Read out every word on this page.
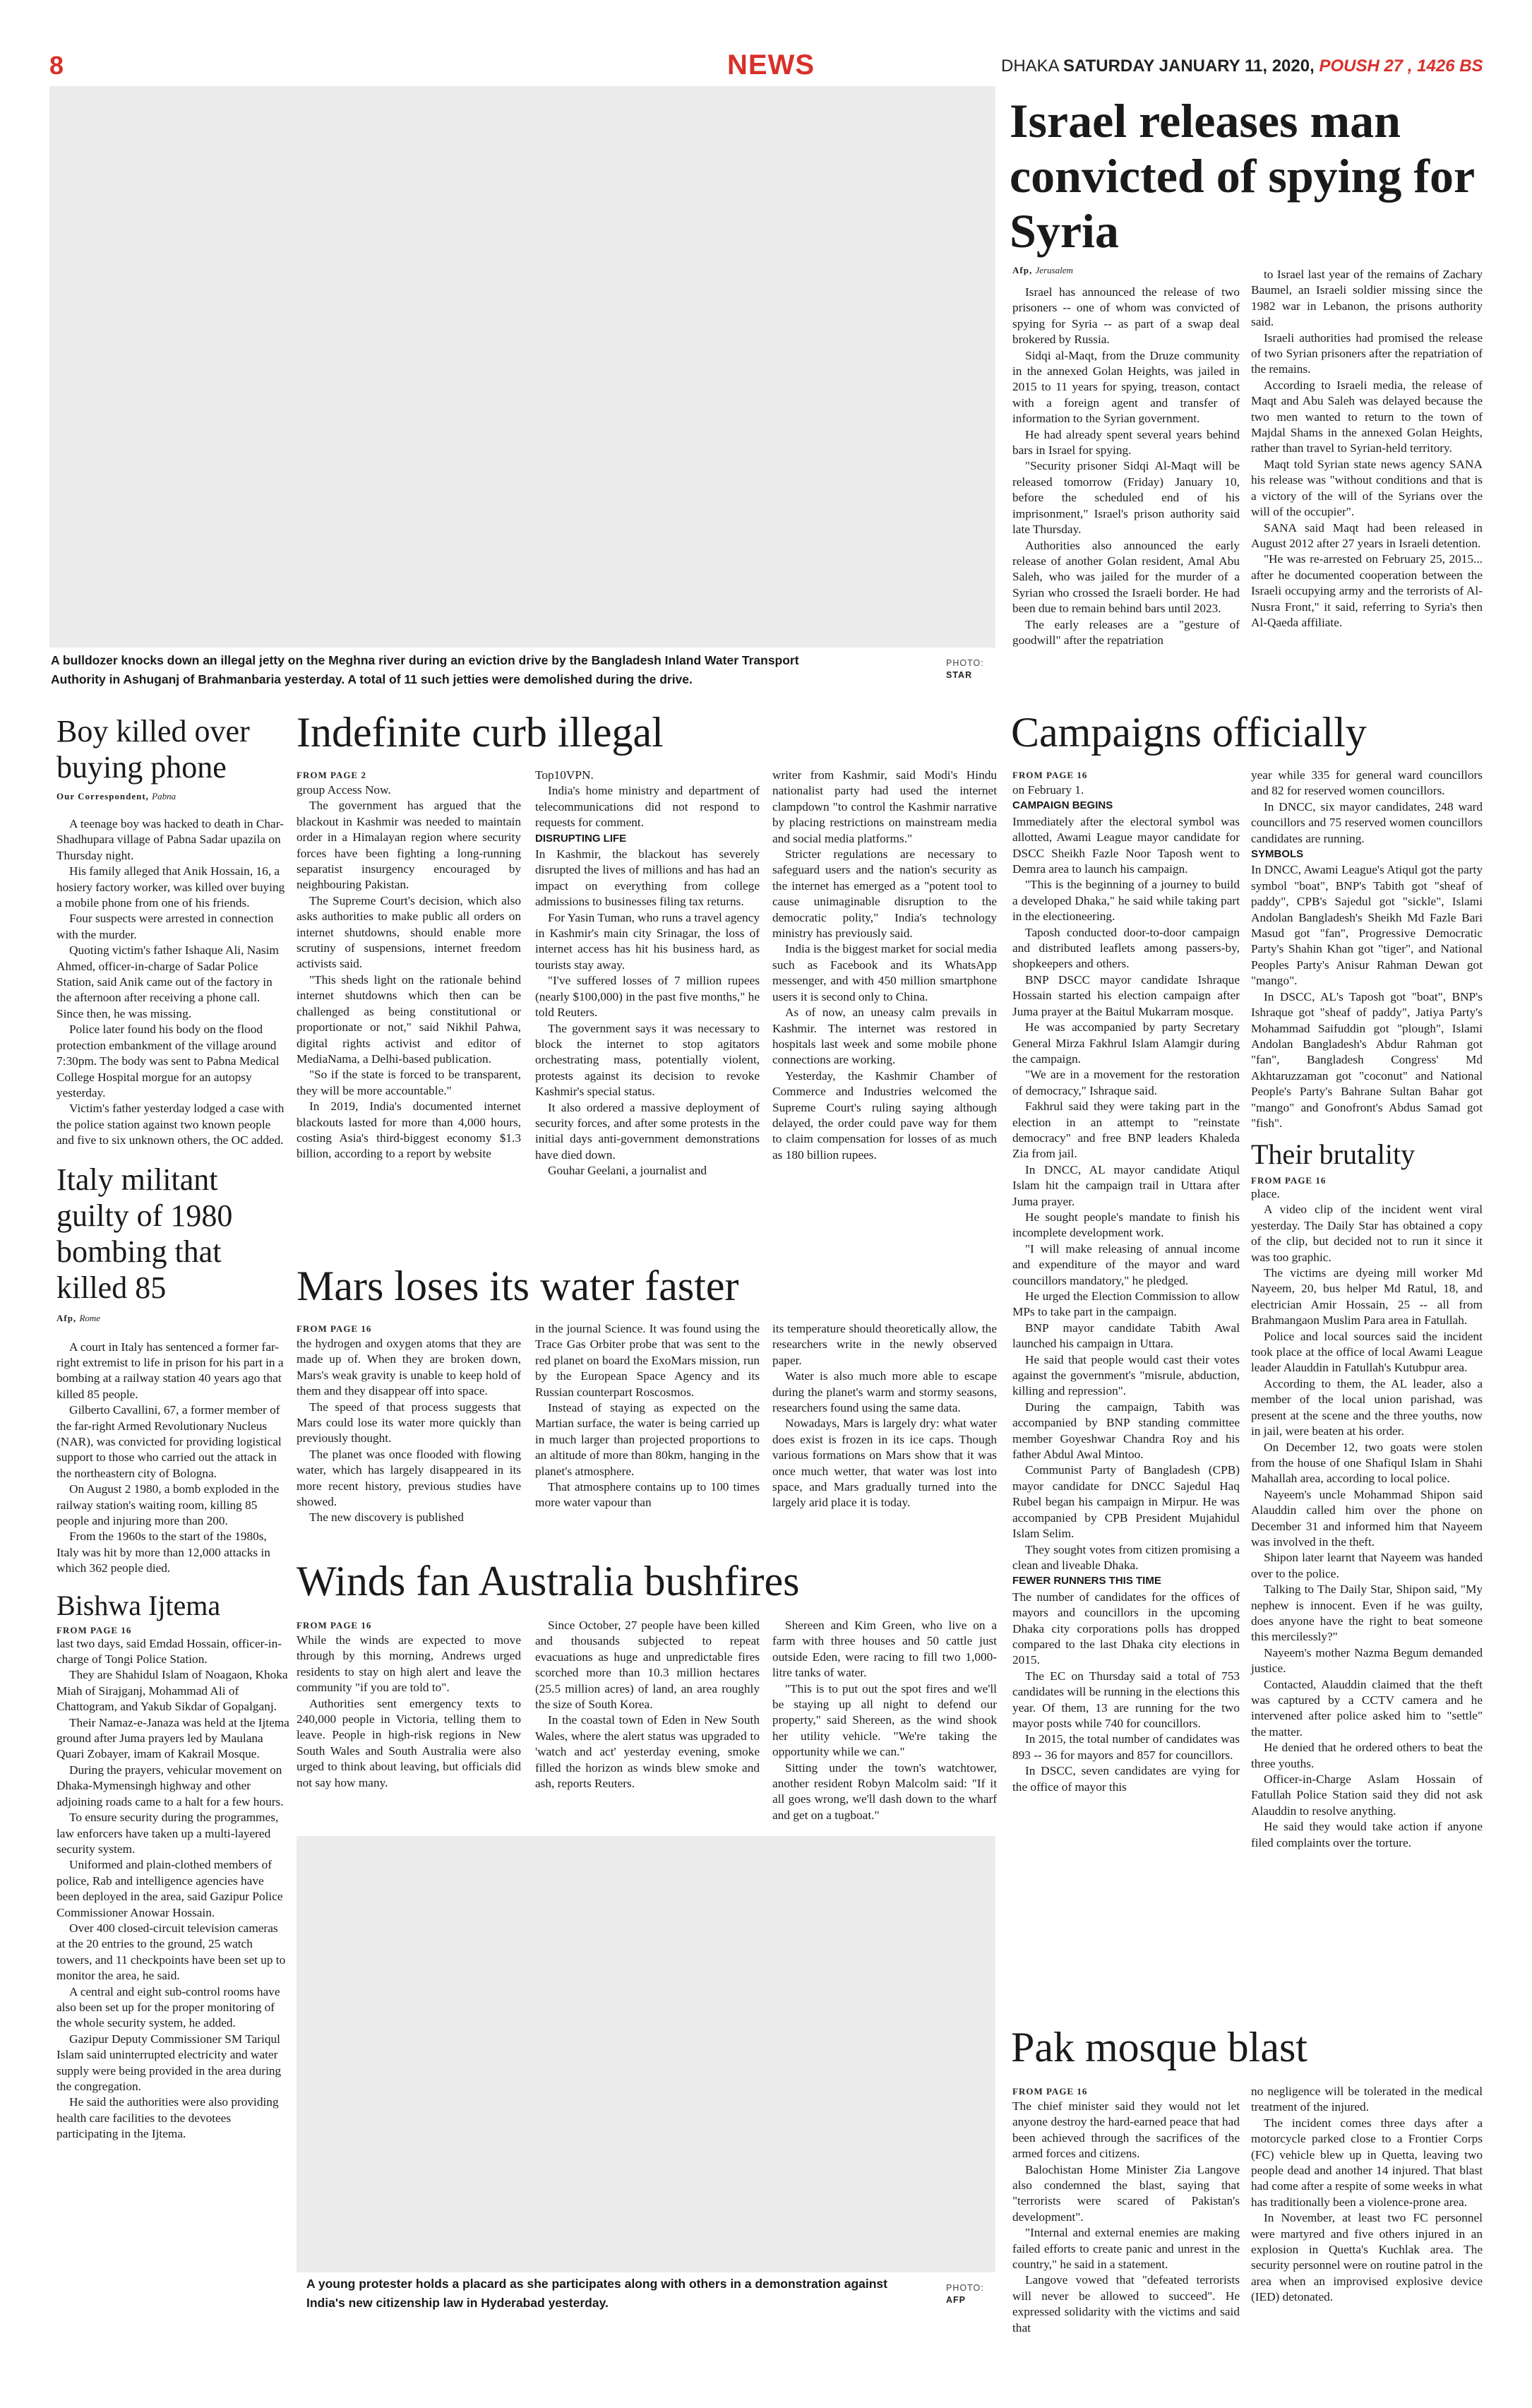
8	NEWS	DHAKA SATURDAY JANUARY 11, 2020, POUSH 27 , 1426 BS
A bulldozer knocks down an illegal jetty on the Meghna river during an eviction drive by the Bangladesh Inland Water Transport Authority in Ashuganj of Brahmanbaria yesterday. A total of 11 such jetties were demolished during the drive.
PHOTO:
STAR
Israel releases man convicted of spying for Syria
Afp, Jerusalem

Israel has announced the release of two prisoners -- one of whom was convicted of spying for Syria -- as part of a swap deal brokered by Russia.

Sidqi al-Maqt, from the Druze community in the annexed Golan Heights, was jailed in 2015 to 11 years for spying, treason, contact with a foreign agent and transfer of information to the Syrian government.

He had already spent several years behind bars in Israel for spying.

"Security prisoner Sidqi Al-Maqt will be released tomorrow (Friday) January 10, before the scheduled end of his imprisonment," Israel's prison authority said late Thursday.

Authorities also announced the early release of another Golan resident, Amal Abu Saleh, who was jailed for the murder of a Syrian who crossed the Israeli border. He had been due to remain behind bars until 2023.

The early releases are a "gesture of goodwill" after the repatriation

to Israel last year of the remains of Zachary Baumel, an Israeli soldier missing since the 1982 war in Lebanon, the prisons authority said.

Israeli authorities had promised the release of two Syrian prisoners after the repatriation of the remains.

According to Israeli media, the release of Maqt and Abu Saleh was delayed because the two men wanted to return to the town of Majdal Shams in the annexed Golan Heights, rather than travel to Syrian-held territory.

Maqt told Syrian state news agency SANA his release was "without conditions and that is a victory of the will of the Syrians over the will of the occupier".

SANA said Maqt had been released in August 2012 after 27 years in Israeli detention.

"He was re-arrested on February 25, 2015... after he documented cooperation between the Israeli occupying army and the terrorists of Al-Nusra Front," it said, referring to Syria's then Al-Qaeda affiliate.

Boy killed over buying phone
Our Correspondent, Pabna

A teenage boy was hacked to death in Char-Shadhupara village of Pabna Sadar upazila on Thursday night.

His family alleged that Anik Hossain, 16, a hosiery factory worker, was killed over buying a mobile phone from one of his friends.

Four suspects were arrested in connection with the murder.

Quoting victim's father Ishaque Ali, Nasim Ahmed, officer-in-charge of Sadar Police Station, said Anik came out of the factory in the afternoon after receiving a phone call. Since then, he was missing.

Police later found his body on the flood protection embankment of the village around 7:30pm. The body was sent to Pabna Medical College Hospital morgue for an autopsy yesterday.

Victim's father yesterday lodged a case with the police station against two known people and five to six unknown others, the OC added.

Italy militant guilty of 1980 bombing that killed 85
Afp, Rome

A court in Italy has sentenced a former far-right extremist to life in prison for his part in a bombing at a railway station 40 years ago that killed 85 people.

Gilberto Cavallini, 67, a former member of the far-right Armed Revolutionary Nucleus (NAR), was convicted for providing logistical support to those who carried out the attack in the northeastern city of Bologna.

On August 2 1980, a bomb exploded in the railway station's waiting room, killing 85 people and injuring more than 200.

From the 1960s to the start of the 1980s, Italy was hit by more than 12,000 attacks in which 362 people died.

Bishwa Ijtema
FROM PAGE 16

last two days, said Emdad Hossain, officer-in-charge of Tongi Police Station.

They are Shahidul Islam of Noagaon, Khoka Miah of Sirajganj, Mohammad Ali of Chattogram, and Yakub Sikdar of Gopalganj.

Their Namaz-e-Janaza was held at the Ijtema ground after Juma prayers led by Maulana Quari Zobayer, imam of Kakrail Mosque.

During the prayers, vehicular movement on Dhaka-Mymensingh highway and other adjoining roads came to a halt for a few hours.

To ensure security during the programmes, law enforcers have taken up a multi-layered security system.

Uniformed and plain-clothed members of police, Rab and intelligence agencies have been deployed in the area, said Gazipur Police Commissioner Anowar Hossain.

Over 400 closed-circuit television cameras at the 20 entries to the ground, 25 watch towers, and 11 checkpoints have been set up to monitor the area, he said.

A central and eight sub-control rooms have also been set up for the proper monitoring of the whole security system, he added.

Gazipur Deputy Commissioner SM Tariqul Islam said uninterrupted electricity and water supply were being provided in the area during the congregation.

He said the authorities were also providing health care facilities to the devotees participating in the Ijtema.

Indefinite curb illegal
FROM PAGE 2

group Access Now.

The government has argued that the blackout in Kashmir was needed to maintain order in a Himalayan region where security forces have been fighting a long-running separatist insurgency encouraged by neighbouring Pakistan.

The Supreme Court's decision, which also asks authorities to make public all orders on internet shutdowns, should enable more scrutiny of suspensions, internet freedom activists said.

"This sheds light on the rationale behind internet shutdowns which then can be challenged as being constitutional or proportionate or not," said Nikhil Pahwa, digital rights activist and editor of MediaNama, a Delhi-based publication.

"So if the state is forced to be transparent, they will be more accountable."

In 2019, India's documented internet blackouts lasted for more than 4,000 hours, costing Asia's third-biggest economy $1.3 billion, according to a report by website

Top10VPN.

India's home ministry and department of telecommunications did not respond to requests for comment.

DISRUPTING LIFE

In Kashmir, the blackout has severely disrupted the lives of millions and has had an impact on everything from college admissions to businesses filing tax returns.

For Yasin Tuman, who runs a travel agency in Kashmir's main city Srinagar, the loss of internet access has hit his business hard, as tourists stay away.

"I've suffered losses of 7 million rupees (nearly $100,000) in the past five months," he told Reuters.

The government says it was necessary to block the internet to stop agitators orchestrating mass, potentially violent, protests against its decision to revoke Kashmir's special status.

It also ordered a massive deployment of security forces, and after some protests in the initial days anti-government demonstrations have died down.

Gouhar Geelani, a journalist and

writer from Kashmir, said Modi's Hindu nationalist party had used the internet clampdown "to control the Kashmir narrative by placing restrictions on mainstream media and social media platforms."

Stricter regulations are necessary to safeguard users and the nation's security as the internet has emerged as a "potent tool to cause unimaginable disruption to the democratic polity," India's technology ministry has previously said.

India is the biggest market for social media such as Facebook and its WhatsApp messenger, and with 450 million smartphone users it is second only to China.

As of now, an uneasy calm prevails in Kashmir. The internet was restored in hospitals last week and some mobile phone connections are working.

Yesterday, the Kashmir Chamber of Commerce and Industries welcomed the Supreme Court's ruling saying although delayed, the order could pave way for them to claim compensation for losses of as much as 180 billion rupees.

Mars loses its water faster
FROM PAGE 16

the hydrogen and oxygen atoms that they are made up of. When they are broken down, Mars's weak gravity is unable to keep hold of them and they disappear off into space.

The speed of that process suggests that Mars could lose its water more quickly than previously thought.

The planet was once flooded with flowing water, which has largely disappeared in its more recent history, previous studies have showed.

The new discovery is published

in the journal Science. It was found using the Trace Gas Orbiter probe that was sent to the red planet on board the ExoMars mission, run by the European Space Agency and its Russian counterpart Roscosmos.

Instead of staying as expected on the Martian surface, the water is being carried up in much larger than projected proportions to an altitude of more than 80km, hanging in the planet's atmosphere.

That atmosphere contains up to 100 times more water vapour than

its temperature should theoretically allow, the researchers write in the newly observed paper.

Water is also much more able to escape during the planet's warm and stormy seasons, researchers found using the same data.

Nowadays, Mars is largely dry: what water does exist is frozen in its ice caps. Though various formations on Mars show that it was once much wetter, that water was lost into space, and Mars gradually turned into the largely arid place it is today.

Winds fan Australia bushfires
FROM PAGE 16

While the winds are expected to move through by this morning, Andrews urged residents to stay on high alert and leave the community "if you are told to".

Authorities sent emergency texts to 240,000 people in Victoria, telling them to leave. People in high-risk regions in New South Wales and South Australia were also urged to think about leaving, but officials did not say how many.

Since October, 27 people have been killed and thousands subjected to repeat evacuations as huge and unpredictable fires scorched more than 10.3 million hectares (25.5 million acres) of land, an area roughly the size of South Korea.

In the coastal town of Eden in New South Wales, where the alert status was upgraded to 'watch and act' yesterday evening, smoke filled the horizon as winds blew smoke and ash, reports Reuters.

Shereen and Kim Green, who live on a farm with three houses and 50 cattle just outside Eden, were racing to fill two 1,000-litre tanks of water.

"This is to put out the spot fires and we'll be staying up all night to defend our property," said Shereen, as the wind shook her utility vehicle. "We're taking the opportunity while we can."

Sitting under the town's watchtower, another resident Robyn Malcolm said: "If it all goes wrong, we'll dash down to the wharf and get on a tugboat."

A young protester holds a placard as she participates along with others in a demonstration against India's new citizenship law in Hyderabad yesterday.
PHOTO:
AFP
Campaigns officially
FROM PAGE 16

on February 1.

CAMPAIGN BEGINS

Immediately after the electoral symbol was allotted, Awami League mayor candidate for DSCC Sheikh Fazle Noor Taposh went to Demra area to launch his campaign.

"This is the beginning of a journey to build a developed Dhaka," he said while taking part in the electioneering.

Taposh conducted door-to-door campaign and distributed leaflets among passers-by, shopkeepers and others.

BNP DSCC mayor candidate Ishraque Hossain started his election campaign after Juma prayer at the Baitul Mukarram mosque.

He was accompanied by party Secretary General Mirza Fakhrul Islam Alamgir during the campaign.

"We are in a movement for the restoration of democracy," Ishraque said.

Fakhrul said they were taking part in the election in an attempt to "reinstate democracy" and free BNP leaders Khaleda Zia from jail.

In DNCC, AL mayor candidate Atiqul Islam hit the campaign trail in Uttara after Juma prayer.

He sought people's mandate to finish his incomplete development work.

"I will make releasing of annual income and expenditure of the mayor and ward councillors mandatory," he pledged.

He urged the Election Commission to allow MPs to take part in the campaign.

BNP mayor candidate Tabith Awal launched his campaign in Uttara.

He said that people would cast their votes against the government's "misrule, abduction, killing and repression".

During the campaign, Tabith was accompanied by BNP standing committee member Goyeshwar Chandra Roy and his father Abdul Awal Mintoo.

Communist Party of Bangladesh (CPB) mayor candidate for DNCC Sajedul Haq Rubel began his campaign in Mirpur. He was accompanied by CPB President Mujahidul Islam Selim.

They sought votes from citizen promising a clean and liveable Dhaka.

FEWER RUNNERS THIS TIME

The number of candidates for the offices of mayors and councillors in the upcoming Dhaka city corporations polls has dropped compared to the last Dhaka city elections in 2015.

The EC on Thursday said a total of 753 candidates will be running in the elections this year. Of them, 13 are running for the two mayor posts while 740 for councillors.

In 2015, the total number of candidates was 893 -- 36 for mayors and 857 for councillors.

In DSCC, seven candidates are vying for the office of mayor this

year while 335 for general ward councillors and 82 for reserved women councillors.

In DNCC, six mayor candidates, 248 ward councillors and 75 reserved women councillors candidates are running.

SYMBOLS

In DNCC, Awami League's Atiqul got the party symbol "boat", BNP's Tabith got "sheaf of paddy", CPB's Sajedul got "sickle", Islami Andolan Bangladesh's Sheikh Md Fazle Bari Masud got "fan", Progressive Democratic Party's Shahin Khan got "tiger", and National Peoples Party's Anisur Rahman Dewan got "mango".

In DSCC, AL's Taposh got "boat", BNP's Ishraque got "sheaf of paddy", Jatiya Party's Mohammad Saifuddin got "plough", Islami Andolan Bangladesh's Abdur Rahman got "fan", Bangladesh Congress' Md Akhtaruzzaman got "coconut" and National People's Party's Bahrane Sultan Bahar got "mango" and Gonofront's Abdus Samad got "fish".

Their brutality
FROM PAGE 16

place.

A video clip of the incident went viral yesterday. The Daily Star has obtained a copy of the clip, but decided not to run it since it was too graphic.

The victims are dyeing mill worker Md Nayeem, 20, bus helper Md Ratul, 18, and electrician Amir Hossain, 25 -- all from Brahmangaon Muslim Para area in Fatullah.

Police and local sources said the incident took place at the office of local Awami League leader Alauddin in Fatullah's Kutubpur area.

According to them, the AL leader, also a member of the local union parishad, was present at the scene and the three youths, now in jail, were beaten at his order.

On December 12, two goats were stolen from the house of one Shafiqul Islam in Shahi Mahallah area, according to local police.

Nayeem's uncle Mohammad Shipon said Alauddin called him over the phone on December 31 and informed him that Nayeem was involved in the theft.

Shipon later learnt that Nayeem was handed over to the police.

Talking to The Daily Star, Shipon said, "My nephew is innocent. Even if he was guilty, does anyone have the right to beat someone this mercilessly?"

Nayeem's mother Nazma Begum demanded justice.

Contacted, Alauddin claimed that the theft was captured by a CCTV camera and he intervened after police asked him to "settle" the matter.

He denied that he ordered others to beat the three youths.

Officer-in-Charge Aslam Hossain of Fatullah Police Station said they did not ask Alauddin to resolve anything.

He said they would take action if anyone filed complaints over the torture.

Pak mosque blast
FROM PAGE 16

The chief minister said they would not let anyone destroy the hard-earned peace that had been achieved through the sacrifices of the armed forces and citizens.

Balochistan Home Minister Zia Langove also condemned the blast, saying that "terrorists were scared of Pakistan's development".

"Internal and external enemies are making failed efforts to create panic and unrest in the country," he said in a statement.

Langove vowed that "defeated terrorists will never be allowed to succeed". He expressed solidarity with the victims and said that

no negligence will be tolerated in the medical treatment of the injured.

The incident comes three days after a motorcycle parked close to a Frontier Corps (FC) vehicle blew up in Quetta, leaving two people dead and another 14 injured. That blast had come after a respite of some weeks in what has traditionally been a violence-prone area.

In November, at least two FC personnel were martyred and five others injured in an explosion in Quetta's Kuchlak area. The security personnel were on routine patrol in the area when an improvised explosive device (IED) detonated.
